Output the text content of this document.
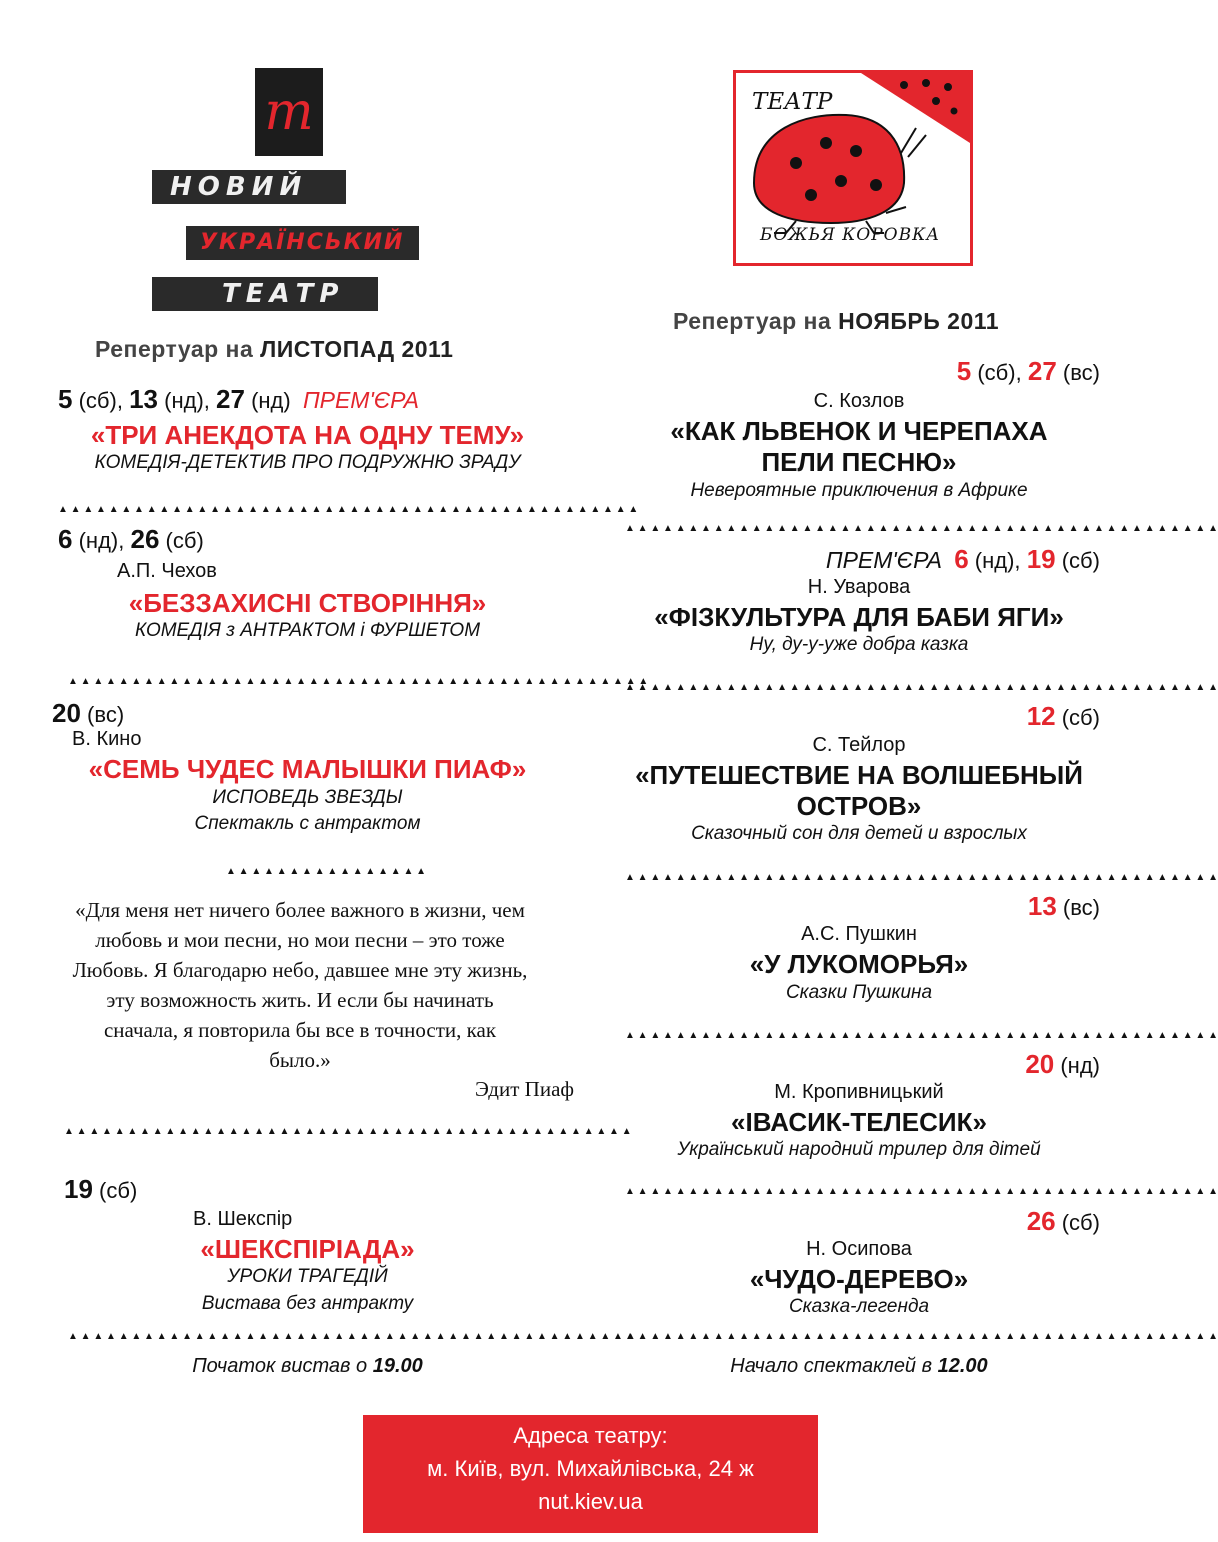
т
НОВИЙ
УКРАЇНСЬКИЙ
ТЕАТР
Репертуар на ЛИСТОПАД 2011
5 (сб), 13 (нд), 27 (нд) ПРЕМ'ЄРА
«ТРИ АНЕКДОТА НА ОДНУ ТЕМУ»
КОМЕДІЯ-ДЕТЕКТИВ ПРО ПОДРУЖНЮ ЗРАДУ
▲ ▲ ▲ ▲ ▲ ▲ ▲ ▲ ▲ ▲ ▲ ▲ ▲ ▲ ▲ ▲ ▲ ▲ ▲ ▲ ▲ ▲ ▲ ▲ ▲ ▲ ▲ ▲ ▲ ▲ ▲ ▲ ▲ ▲ ▲ ▲ ▲ ▲ ▲ ▲ ▲ ▲ ▲ ▲ ▲ ▲
6 (нд), 26 (сб)
А.П. Чехов
«БЕЗЗАХИСНІ СТВОРІННЯ»
КОМЕДІЯ з АНТРАКТОМ і ФУРШЕТОМ
▲ ▲ ▲ ▲ ▲ ▲ ▲ ▲ ▲ ▲ ▲ ▲ ▲ ▲ ▲ ▲ ▲ ▲ ▲ ▲ ▲ ▲ ▲ ▲ ▲ ▲ ▲ ▲ ▲ ▲ ▲ ▲ ▲ ▲ ▲ ▲ ▲ ▲ ▲ ▲ ▲ ▲ ▲ ▲ ▲ ▲
20 (вс)
В. Кино
«СЕМЬ ЧУДЕС МАЛЫШКИ ПИАФ»
ИСПОВЕДЬ ЗВЕЗДЫ
Спектакль с антрактом
▲ ▲ ▲ ▲ ▲ ▲ ▲ ▲ ▲ ▲ ▲ ▲ ▲ ▲ ▲ ▲
«Для меня нет ничего более важного в жизни, чем
любовь и мои песни, но мои песни – это тоже
Любовь. Я благодарю небо, давшее мне эту жизнь,
эту возможность жить. И если бы начинать
сначала, я повторила бы все в точности, как
было.»
Эдит Пиаф
▲ ▲ ▲ ▲ ▲ ▲ ▲ ▲ ▲ ▲ ▲ ▲ ▲ ▲ ▲ ▲ ▲ ▲ ▲ ▲ ▲ ▲ ▲ ▲ ▲ ▲ ▲ ▲ ▲ ▲ ▲ ▲ ▲ ▲ ▲ ▲ ▲ ▲ ▲ ▲ ▲ ▲ ▲ ▲ ▲
19 (сб)
В. Шекспір
«ШЕКСПІРІАДА»
УРОКИ ТРАГЕДІЙ
Вистава без антракту
▲ ▲ ▲ ▲ ▲ ▲ ▲ ▲ ▲ ▲ ▲ ▲ ▲ ▲ ▲ ▲ ▲ ▲ ▲ ▲ ▲ ▲ ▲ ▲ ▲ ▲ ▲ ▲ ▲ ▲ ▲ ▲ ▲ ▲ ▲ ▲ ▲ ▲ ▲ ▲ ▲ ▲ ▲ ▲ ▲
Початок вистав о 19.00
ТЕАТР
БОЖЬЯ КОРОВКА
Репертуар на НОЯБРЬ 2011
5 (сб), 27 (вс)
С. Козлов
«КАК ЛЬВЕНОК И ЧЕРЕПАХА
ПЕЛИ ПЕСНЮ»
Невероятные приключения в Африке
▲ ▲ ▲ ▲ ▲ ▲ ▲ ▲ ▲ ▲ ▲ ▲ ▲ ▲ ▲ ▲ ▲ ▲ ▲ ▲ ▲ ▲ ▲ ▲ ▲ ▲ ▲ ▲ ▲ ▲ ▲ ▲ ▲ ▲ ▲ ▲ ▲ ▲ ▲ ▲ ▲ ▲ ▲ ▲ ▲ ▲ ▲
ПРЕМ'ЄРА 6 (нд), 19 (сб)
Н. Уварова
«ФІЗКУЛЬТУРА ДЛЯ БАБИ ЯГИ»
Ну, ду-у-уже добра казка
▲ ▲ ▲ ▲ ▲ ▲ ▲ ▲ ▲ ▲ ▲ ▲ ▲ ▲ ▲ ▲ ▲ ▲ ▲ ▲ ▲ ▲ ▲ ▲ ▲ ▲ ▲ ▲ ▲ ▲ ▲ ▲ ▲ ▲ ▲ ▲ ▲ ▲ ▲ ▲ ▲ ▲ ▲ ▲ ▲ ▲ ▲
12 (сб)
С. Тейлор
«ПУТЕШЕСТВИЕ НА ВОЛШЕБНЫЙ
ОСТРОВ»
Сказочный сон для детей и взрослых
▲ ▲ ▲ ▲ ▲ ▲ ▲ ▲ ▲ ▲ ▲ ▲ ▲ ▲ ▲ ▲ ▲ ▲ ▲ ▲ ▲ ▲ ▲ ▲ ▲ ▲ ▲ ▲ ▲ ▲ ▲ ▲ ▲ ▲ ▲ ▲ ▲ ▲ ▲ ▲ ▲ ▲ ▲ ▲ ▲ ▲ ▲
13 (вс)
А.С. Пушкин
«У ЛУКОМОРЬЯ»
Сказки Пушкина
▲ ▲ ▲ ▲ ▲ ▲ ▲ ▲ ▲ ▲ ▲ ▲ ▲ ▲ ▲ ▲ ▲ ▲ ▲ ▲ ▲ ▲ ▲ ▲ ▲ ▲ ▲ ▲ ▲ ▲ ▲ ▲ ▲ ▲ ▲ ▲ ▲ ▲ ▲ ▲ ▲ ▲ ▲ ▲ ▲ ▲ ▲
20 (нд)
М. Кропивницький
«ІВАСИК-ТЕЛЕСИК»
Український народний трилер для дітей
▲ ▲ ▲ ▲ ▲ ▲ ▲ ▲ ▲ ▲ ▲ ▲ ▲ ▲ ▲ ▲ ▲ ▲ ▲ ▲ ▲ ▲ ▲ ▲ ▲ ▲ ▲ ▲ ▲ ▲ ▲ ▲ ▲ ▲ ▲ ▲ ▲ ▲ ▲ ▲ ▲ ▲ ▲ ▲ ▲ ▲ ▲
26 (сб)
Н. Осипова
«ЧУДО-ДЕРЕВО»
Сказка-легенда
▲ ▲ ▲ ▲ ▲ ▲ ▲ ▲ ▲ ▲ ▲ ▲ ▲ ▲ ▲ ▲ ▲ ▲ ▲ ▲ ▲ ▲ ▲ ▲ ▲ ▲ ▲ ▲ ▲ ▲ ▲ ▲ ▲ ▲ ▲ ▲ ▲ ▲ ▲ ▲ ▲ ▲ ▲ ▲ ▲ ▲ ▲
Начало спектаклей в 12.00
Адреса театру:
м. Київ, вул. Михайлівська, 24 ж
nut.kiev.ua
